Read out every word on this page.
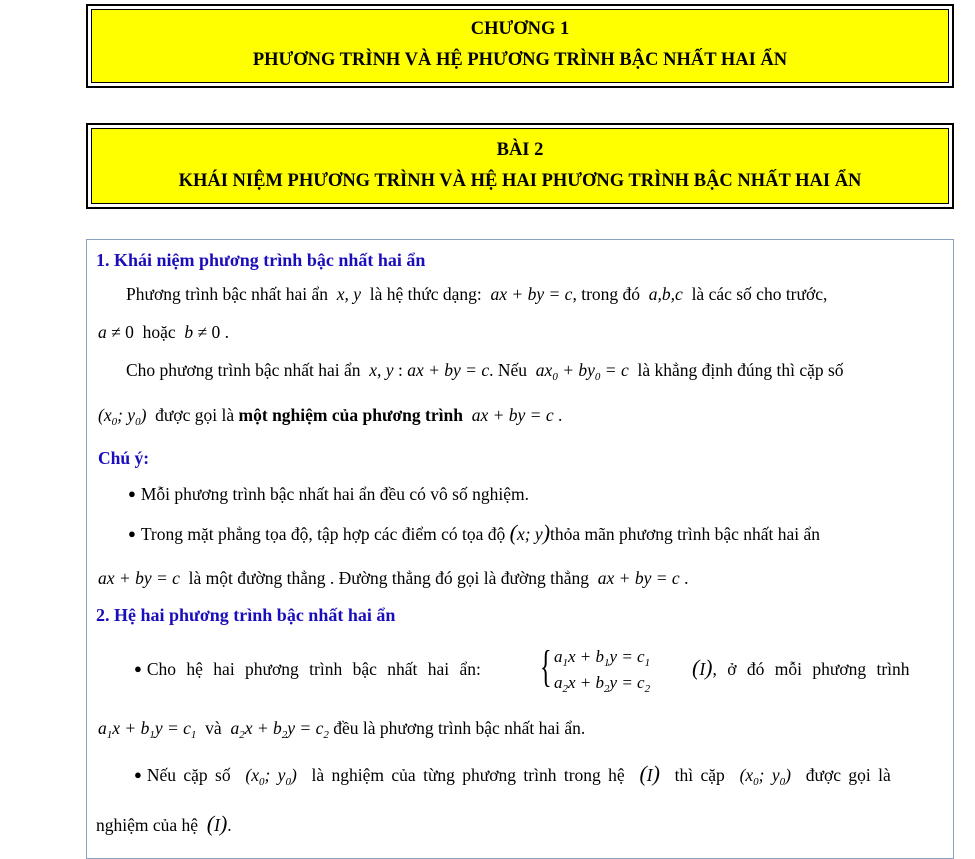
CHƯƠNG 1
PHƯƠNG TRÌNH VÀ HỆ PHƯƠNG TRÌNH BẬC NHẤT HAI ẨN
BÀI 2
KHÁI NIỆM PHƯƠNG TRÌNH VÀ HỆ HAI PHƯƠNG TRÌNH BẬC NHẤT HAI ẨN
1. Khái niệm phương trình bậc nhất hai ẩn
Phương trình bậc nhất hai ẩn  x, y  là hệ thức dạng:  ax + by = c, trong đó  a,b,c  là các số cho trước,
a ≠ 0  hoặc  b ≠ 0 .
Cho phương trình bậc nhất hai ẩn  x, y : ax + by = c. Nếu  $ax_0 + by_0 = c$  là khẳng định đúng thì cặp số
($x_0$; $y_0$)  được gọi là một nghiệm của phương trình  ax + by = c .
Chú ý:
● Mỗi phương trình bậc nhất hai ẩn đều có vô số nghiệm.
● Trong mặt phẳng tọa độ, tập hợp các điểm có tọa độ (x; y)thỏa mãn phương trình bậc nhất hai ẩn
ax + by = c  là một đường thẳng . Đường thẳng đó gọi là đường thẳng  ax + by = c .
2. Hệ hai phương trình bậc nhất hai ẩn
● Cho hệ hai phương trình bậc nhất hai ẩn: { $a_1x + b_1y = c_1$
$a_2x + b_2y = c_2$
(I), ở đó mỗi phương trình
$a_1x + b_1y = c_1$ và  $a_2x + b_2y = c_2$ đều là phương trình bậc nhất hai ẩn.
● Nếu cặp số  ($x_0$; $y_0$)  là nghiệm của từng phương trình trong hệ (I) thì cặp  ($x_0$; $y_0$)  được gọi là
nghiệm của hệ (I).
